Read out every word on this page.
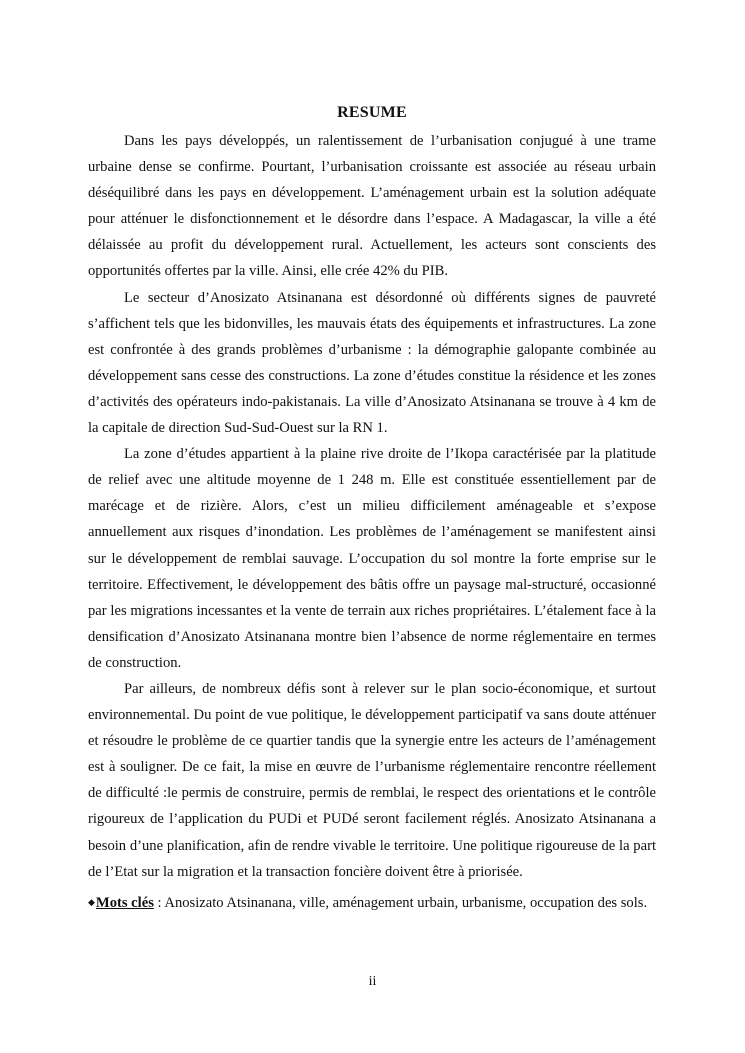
RESUME

Dans les pays développés, un ralentissement de l’urbanisation conjugué à une trame urbaine dense se confirme. Pourtant, l’urbanisation croissante est associée au réseau urbain déséquilibré dans les pays en développement. L’aménagement urbain est la solution adéquate pour atténuer le disfonctionnement et le désordre dans l’espace. A Madagascar, la ville a été délaissée au profit du développement rural. Actuellement, les acteurs sont conscients des opportunités offertes par la ville. Ainsi, elle crée 42% du PIB.

Le secteur d’Anosizato Atsinanana est désordonné où différents signes de pauvreté s’affichent tels que les bidonvilles, les mauvais états des équipements et infrastructures. La zone est confrontée à des grands problèmes d’urbanisme : la démographie galopante combinée au développement sans cesse des constructions. La zone d’études constitue la résidence et les zones d’activités des opérateurs indo-pakistanais. La ville d’Anosizato Atsinanana se trouve à 4 km de la capitale de direction Sud-Sud-Ouest sur la RN 1.

La zone d’études appartient à la plaine rive droite de l’Ikopa caractérisée par la platitude de relief avec une altitude moyenne de 1 248 m. Elle est constituée essentiellement par de marécage et de rizière. Alors, c’est un milieu difficilement aménageable et s’expose annuellement aux risques d’inondation. Les problèmes de l’aménagement se manifestent ainsi sur le développement de remblai sauvage. L’occupation du sol montre la forte emprise sur le territoire. Effectivement, le développement des bâtis offre un paysage mal-structuré, occasionné par les migrations incessantes et la vente de terrain aux riches propriétaires. L’étalement face à la densification d’Anosizato Atsinanana montre bien l’absence de norme réglementaire en termes de construction.

Par ailleurs, de nombreux défis sont à relever sur le plan socio-économique, et surtout environnemental. Du point de vue politique, le développement participatif va sans doute atténuer et résoudre le problème de ce quartier tandis que la synergie entre les acteurs de l’aménagement est à souligner. De ce fait, la mise en œuvre de l’urbanisme réglementaire rencontre réellement de difficulté :le permis de construire, permis de remblai, le respect des orientations et le contrôle rigoureux de l’application du PUDi et PUDé seront facilement réglés. Anosizato Atsinanana a besoin d’une planification, afin de rendre vivable le territoire. Une politique rigoureuse de la part de l’Etat sur la migration et la transaction foncière doivent être à priorisée.

◆Mots clés : Anosizato Atsinanana, ville, aménagement urbain, urbanisme, occupation des sols.

ii
